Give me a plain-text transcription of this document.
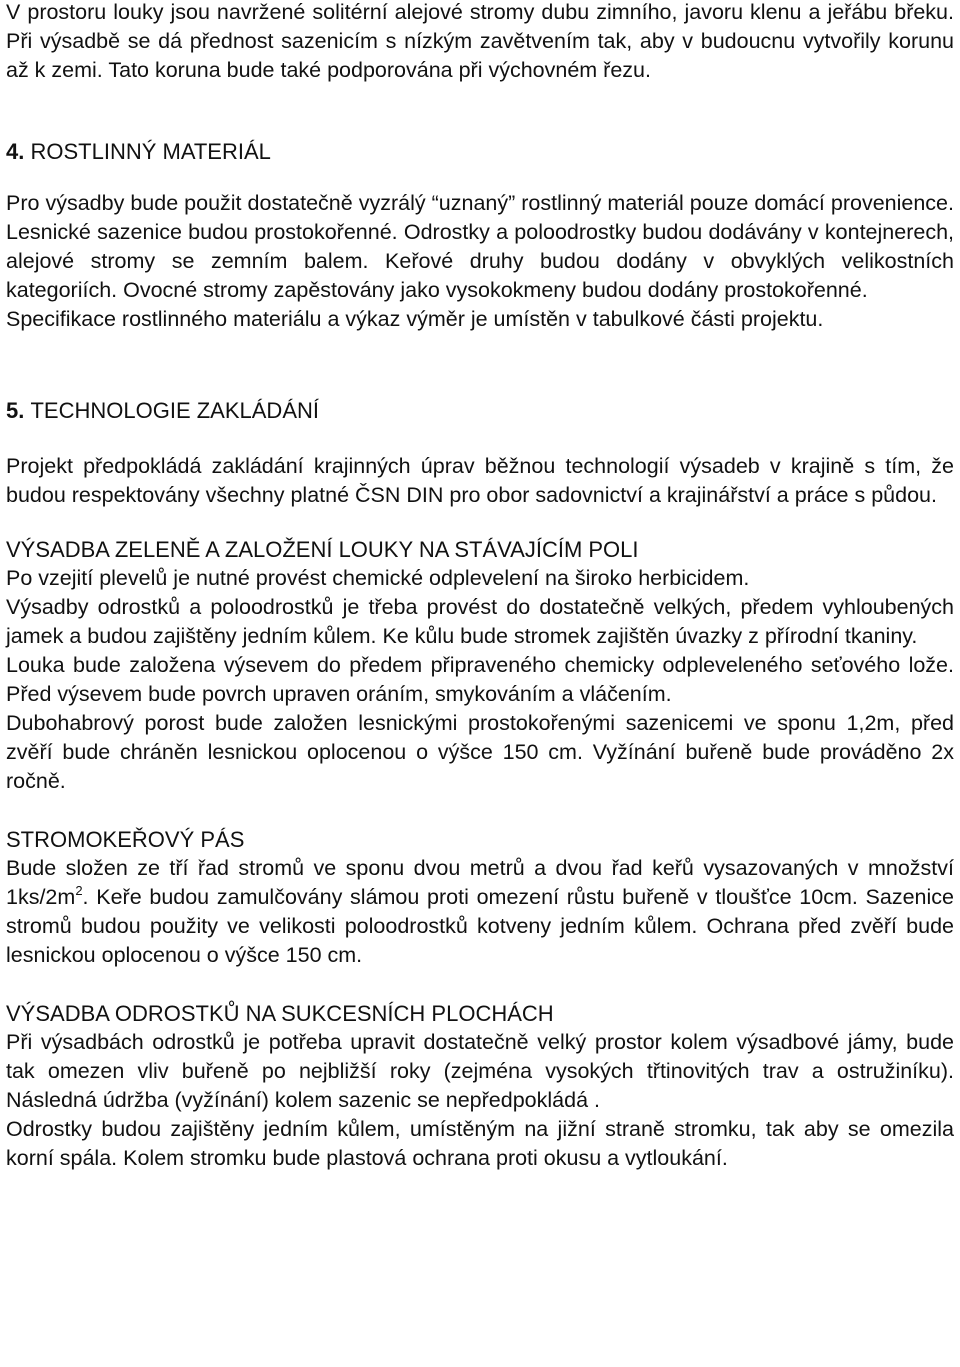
V prostoru louky jsou navržené solitérní alejové stromy dubu zimního, javoru klenu a jeřábu břeku. Při výsadbě se dá přednost sazenicím s nízkým zavětvením tak, aby v budoucnu vytvořily korunu až k zemi. Tato koruna bude také podporována při výchovném řezu.

4. ROSTLINNÝ MATERIÁL

Pro výsadby bude použit dostatečně vyzrálý “uznaný” rostlinný materiál pouze domácí provenience. Lesnické sazenice budou prostokořenné. Odrostky a poloodrostky budou dodávány v kontejnerech, alejové stromy se zemním balem. Keřové druhy budou dodány v obvyklých velikostních kategoriích. Ovocné stromy zapěstovány jako vysokokmeny budou dodány prostokořenné.

Specifikace rostlinného materiálu a výkaz výměr je umístěn v tabulkové části projektu.

5. TECHNOLOGIE ZAKLÁDÁNÍ

Projekt předpokládá zakládání krajinných úprav běžnou technologií výsadeb v krajině s tím, že budou respektovány všechny platné ČSN DIN pro obor sadovnictví a krajinářství a práce s půdou.

VÝSADBA ZELENĚ A ZALOŽENÍ LOUKY NA STÁVAJÍCÍM POLI

Po vzejití plevelů je nutné provést chemické odplevelení na široko herbicidem.

Výsadby odrostků a poloodrostků je třeba provést do dostatečně velkých, předem vyhloubených jamek a budou zajištěny jedním kůlem. Ke kůlu bude stromek zajištěn úvazky z přírodní tkaniny.

Louka bude založena výsevem do předem připraveného chemicky odpleveleného seťového lože. Před výsevem bude povrch upraven oráním, smykováním a vláčením.

Dubohabrový porost bude založen lesnickými prostokořenými sazenicemi ve sponu 1,2m, před zvěří bude chráněn lesnickou oplocenou o výšce 150 cm. Vyžínání buřeně bude prováděno 2x ročně.

STROMOKEŘOVÝ PÁS

Bude složen ze tří řad stromů ve sponu dvou metrů a dvou řad keřů vysazovaných v množství $1ks/2m^2$. Keře budou zamulčovány slámou proti omezení růstu buřeně v tloušťce 10cm. Sazenice stromů budou použity ve velikosti poloodrostků kotveny jedním kůlem. Ochrana před zvěří bude lesnickou oplocenou o výšce 150 cm.

VÝSADBA ODROSTKŮ NA SUKCESNÍCH PLOCHÁCH

Při výsadbách odrostků je potřeba upravit dostatečně velký prostor kolem výsadbové jámy, bude tak omezen vliv buřeně po nejbližší roky (zejména vysokých třtinovitých trav a ostružiníku). Následná údržba (vyžínání) kolem sazenic se nepředpokládá .

Odrostky budou zajištěny jedním kůlem, umístěným na jižní straně stromku, tak aby se omezila korní spála. Kolem stromku bude plastová ochrana proti okusu a vytloukání.
